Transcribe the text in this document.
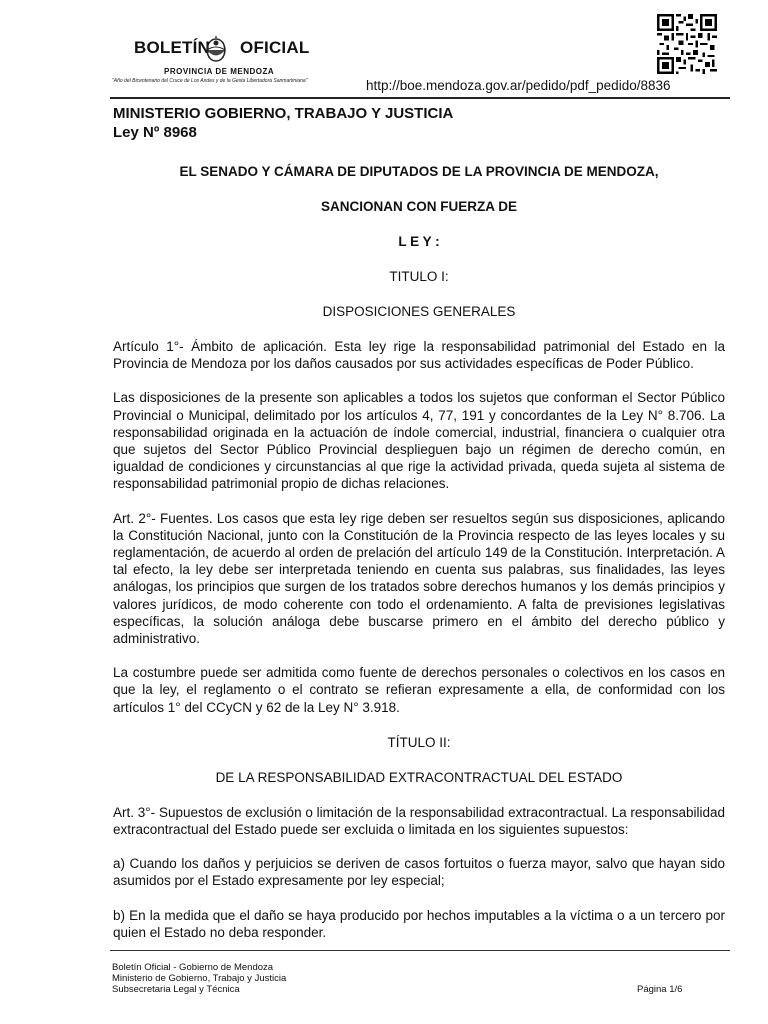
BOLETÍN OFICIAL
PROVINCIA DE MENDOZA
"Año del Bicentenario del Cruce de Los Andes y de la Gesta Libertadora Sanmartiniana"	http://boe.mendoza.gov.ar/pedido/pdf_pedido/8836
MINISTERIO GOBIERNO, TRABAJO Y JUSTICIA
Ley Nº 8968
EL SENADO Y CÁMARA DE DIPUTADOS DE LA PROVINCIA DE MENDOZA,
SANCIONAN CON FUERZA DE
L E Y :
TITULO I:
DISPOSICIONES GENERALES

Artículo 1°- Ámbito de aplicación. Esta ley rige la responsabilidad patrimonial del Estado en la Provincia de Mendoza por los daños causados por sus actividades específicas de Poder Público.

Las disposiciones de la presente son aplicables a todos los sujetos que conforman el Sector Público Provincial o Municipal, delimitado por los artículos 4, 77, 191 y concordantes de la Ley N° 8.706. La responsabilidad originada en la actuación de índole comercial, industrial, financiera o cualquier otra que sujetos del Sector Público Provincial desplieguen bajo un régimen de derecho común, en igualdad de condiciones y circunstancias al que rige la actividad privada, queda sujeta al sistema de responsabilidad patrimonial propio de dichas relaciones.

Art. 2°- Fuentes. Los casos que esta ley rige deben ser resueltos según sus disposiciones, aplicando la Constitución Nacional, junto con la Constitución de la Provincia respecto de las leyes locales y su reglamentación, de acuerdo al orden de prelación del artículo 149 de la Constitución. Interpretación. A tal efecto, la ley debe ser interpretada teniendo en cuenta sus palabras, sus finalidades, las leyes análogas, los principios que surgen de los tratados sobre derechos humanos y los demás principios y valores jurídicos, de modo coherente con todo el ordenamiento. A falta de previsiones legislativas específicas, la solución análoga debe buscarse primero en el ámbito del derecho público y administrativo.

La costumbre puede ser admitida como fuente de derechos personales o colectivos en los casos en que la ley, el reglamento o el contrato se refieran expresamente a ella, de conformidad con los artículos 1° del CCyCN y 62 de la Ley N° 3.918.

TÍTULO II:
DE LA RESPONSABILIDAD EXTRACONTRACTUAL DEL ESTADO

Art. 3°- Supuestos de exclusión o limitación de la responsabilidad extracontractual. La responsabilidad extracontractual del Estado puede ser excluida o limitada en los siguientes supuestos:

a) Cuando los daños y perjuicios se deriven de casos fortuitos o fuerza mayor, salvo que hayan sido asumidos por el Estado expresamente por ley especial;

b) En la medida que el daño se haya producido por hechos imputables a la víctima o a un tercero por quien el Estado no deba responder.

Boletín Oficial - Gobierno de Mendoza
Ministerio de Gobierno, Trabajo y Justicia
Subsecretaria Legal y Técnica	Página 1/6
